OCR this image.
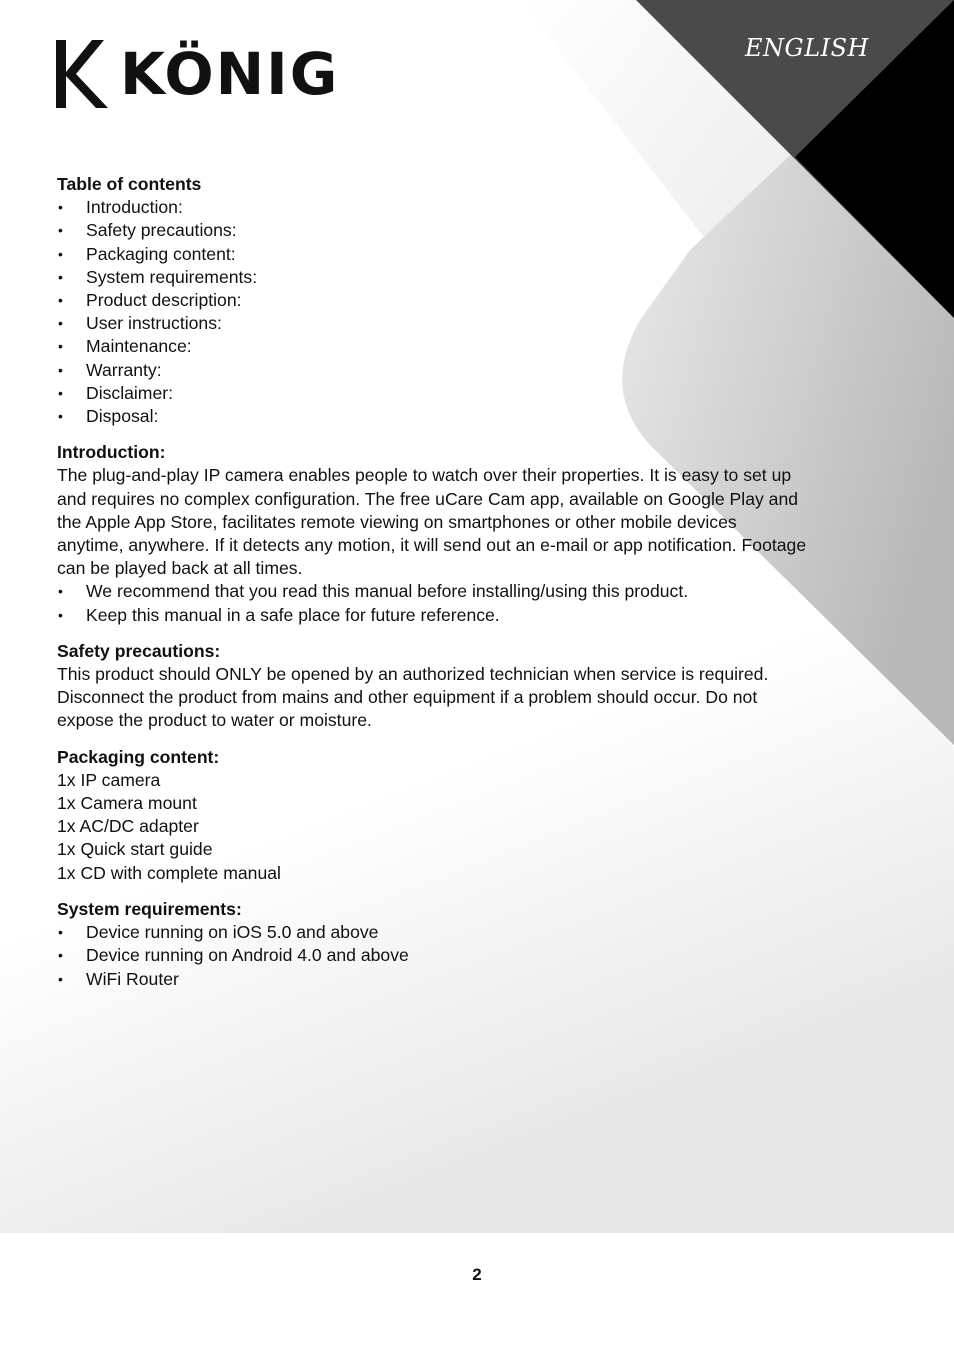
KÖNIG	ENGLISH
Table of contents
• Introduction:
• Safety precautions:
• Packaging content:
• System requirements:
• Product description:
• User instructions:
• Maintenance:
• Warranty:
• Disclaimer:
• Disposal:
Introduction:

The plug-and-play IP camera enables people to watch over their properties. It is easy to set up and requires no complex configuration. The free uCare Cam app, available on Google Play and the Apple App Store, facilitates remote viewing on smartphones or other mobile devices anytime, anywhere. If it detects any motion, it will send out an e-mail or app notification. Footage can be played back at all times.

• We recommend that you read this manual before installing/using this product.
• Keep this manual in a safe place for future reference.
Safety precautions:

This product should ONLY be opened by an authorized technician when service is required. Disconnect the product from mains and other equipment if a problem should occur. Do not expose the product to water or moisture.

Packaging content:
1x IP camera
1x Camera mount
1x AC/DC adapter
1x Quick start guide
1x CD with complete manual
System requirements:
• Device running on iOS 5.0 and above
• Device running on Android 4.0 and above
• WiFi Router
2
